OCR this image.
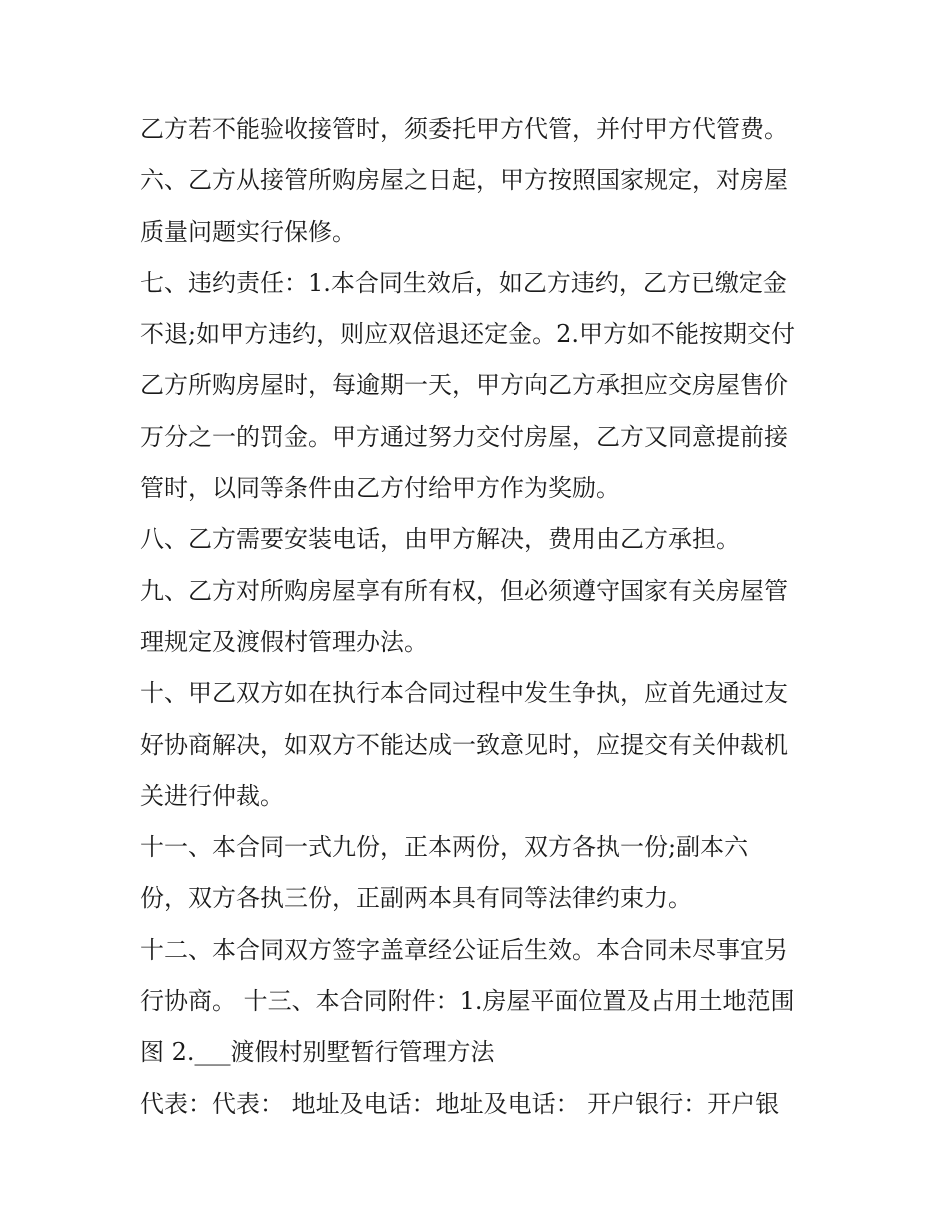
乙方若不能验收接管时，须委托甲方代管，并付甲方代管费。
六、乙方从接管所购房屋之日起，甲方按照国家规定，对房屋
质量问题实行保修。
七、违约责任：1.本合同生效后，如乙方违约，乙方已缴定金
不退;如甲方违约，则应双倍退还定金。2.甲方如不能按期交付
乙方所购房屋时，每逾期一天，甲方向乙方承担应交房屋售价
万分之一的罚金。甲方通过努力交付房屋，乙方又同意提前接
管时，以同等条件由乙方付给甲方作为奖励。
八、乙方需要安装电话，由甲方解决，费用由乙方承担。
九、乙方对所购房屋享有所有权，但必须遵守国家有关房屋管
理规定及渡假村管理办法。
十、甲乙双方如在执行本合同过程中发生争执，应首先通过友
好协商解决，如双方不能达成一致意见时，应提交有关仲裁机
关进行仲裁。
十一、本合同一式九份，正本两份，双方各执一份;副本六
份，双方各执三份，正副两本具有同等法律约束力。
十二、本合同双方签字盖章经公证后生效。本合同未尽事宜另
行协商。 十三、本合同附件：1.房屋平面位置及占用土地范围
图 2.___渡假村别墅暂行管理方法
代表：代表： 地址及电话：地址及电话： 开户银行：开户银
